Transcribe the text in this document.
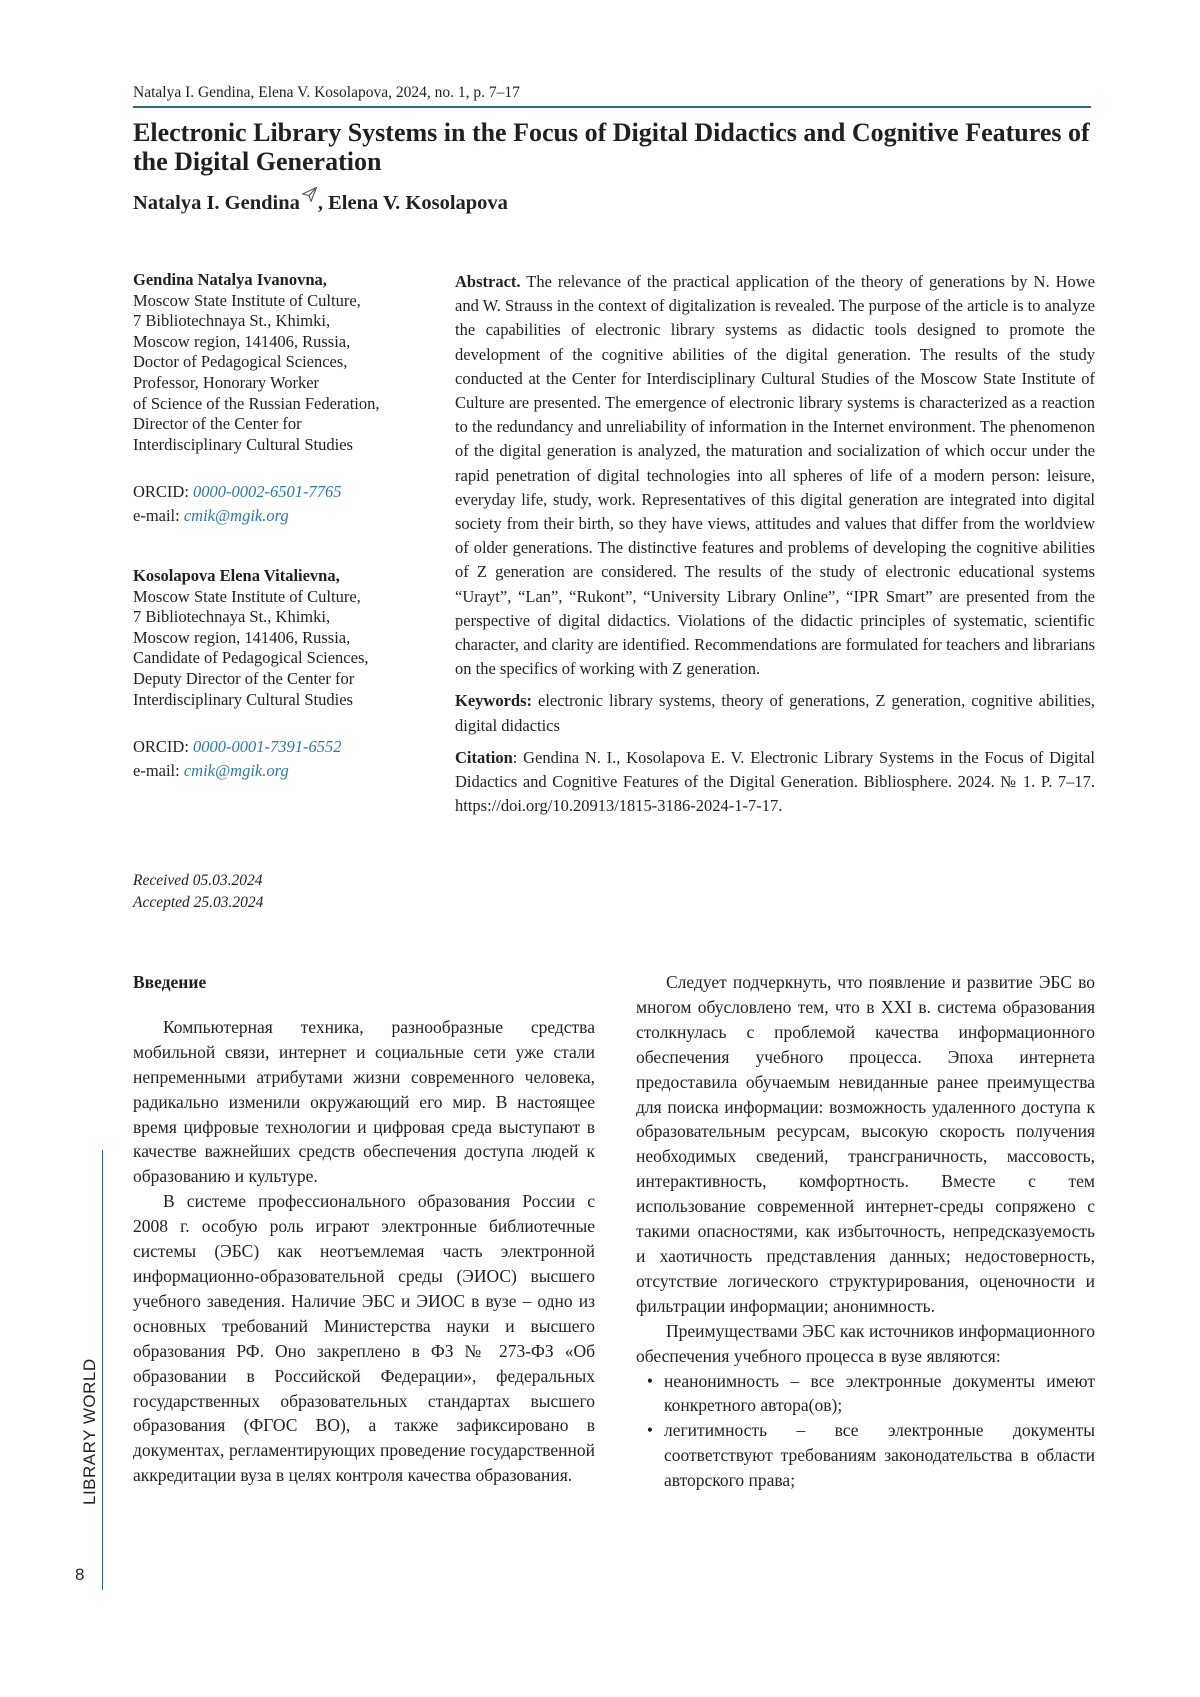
Natalya I. Gendina, Elena V. Kosolapova, 2024, no. 1, p. 7–17
Electronic Library Systems in the Focus of Digital Didactics and Cognitive Features of the Digital Generation
Natalya I. Gendina , Elena V. Kosolapova
Gendina Natalya Ivanovna,
Moscow State Institute of Culture,
7 Bibliotechnaya St., Khimki,
Moscow region, 141406, Russia,
Doctor of Pedagogical Sciences,
Professor, Honorary Worker
of Science of the Russian Federation,
Director of the Center for
Interdisciplinary Cultural Studies
ORCID: 0000-0002-6501-7765
e-mail: cmik@mgik.org
Kosolapova Elena Vitalievna,
Moscow State Institute of Culture,
7 Bibliotechnaya St., Khimki,
Moscow region, 141406, Russia,
Candidate of Pedagogical Sciences,
Deputy Director of the Center for
Interdisciplinary Cultural Studies
ORCID: 0000-0001-7391-6552
e-mail: cmik@mgik.org
Received 05.03.2024
Accepted 25.03.2024

Abstract. The relevance of the practical application of the theory of generations by N. Howe and W. Strauss in the context of digitalization is revealed. The purpose of the article is to analyze the capabilities of electronic library systems as didactic tools designed to promote the development of the cognitive abilities of the digital generation. The results of the study conducted at the Center for Interdisciplinary Cultural Studies of the Moscow State Institute of Culture are presented. The emergence of electronic library systems is characterized as a reaction to the redundancy and unreliability of information in the Internet environment. The phenomenon of the digital generation is analyzed, the maturation and socialization of which occur under the rapid penetration of digital technologies into all spheres of life of a modern person: leisure, everyday life, study, work. Representatives of this digital generation are integrated into digital society from their birth, so they have views, attitudes and values that differ from the worldview of older generations. The distinctive features and problems of developing the cognitive abilities of Z generation are considered. The results of the study of electronic educational systems “Urayt”, “Lan”, “Rukont”, “University Library Online”, “IPR Smart” are presented from the perspective of digital didactics. Violations of the didactic principles of systematic, scientific character, and clarity are identified. Recommendations are formulated for teachers and librarians on the specifics of working with Z generation.

Keywords: electronic library systems, theory of generations, Z generation, cognitive abilities, digital didactics

Citation: Gendina N. I., Kosolapova E. V. Electronic Library Systems in the Focus of Digital Didactics and Cognitive Features of the Digital Generation. Bibliosphere. 2024. № 1. P. 7–17. https://doi.org/10.20913/1815-3186-2024-1-7-17.

Введение

Компьютерная техника, разнообразные средства мобильной связи, интернет и социальные сети уже стали непременными атрибутами жизни современного человека, радикально изменили окружающий его мир. В настоящее время цифровые технологии и цифровая среда выступают в качестве важнейших средств обеспечения доступа людей к образованию и культуре.

В системе профессионального образования России с 2008 г. особую роль играют электронные библиотечные системы (ЭБС) как неотъемлемая часть электронной информационно-образовательной среды (ЭИОС) высшего учебного заведения. Наличие ЭБС и ЭИОС в вузе – одно из основных требований Министерства науки и высшего образования РФ. Оно закреплено в ФЗ № 273-ФЗ «Об образовании в Российской Федерации», федеральных государственных образовательных стандартах высшего образования (ФГОС ВО), а также зафиксировано в документах, регламентирующих проведение государственной аккредитации вуза в целях контроля качества образования.

Следует подчеркнуть, что появление и развитие ЭБС во многом обусловлено тем, что в XXI в. система образования столкнулась с проблемой качества информационного обеспечения учебного процесса. Эпоха интернета предоставила обучаемым невиданные ранее преимущества для поиска информации: возможность удаленного доступа к образовательным ресурсам, высокую скорость получения необходимых сведений, трансграничность, массовость, интерактивность, комфортность. Вместе с тем использование современной интернет-среды сопряжено с такими опасностями, как избыточность, непредсказуемость и хаотичность представления данных; недостоверность, отсутствие логического структурирования, оценочности и фильтрации информации; анонимность.

Преимуществами ЭБС как источников информационного обеспечения учебного процесса в вузе являются:

• неанонимность – все электронные документы имеют конкретного автора(ов);
• легитимность – все электронные документы соответствуют требованиям законодательства в области авторского права;
LIBRARY WORLD
8
